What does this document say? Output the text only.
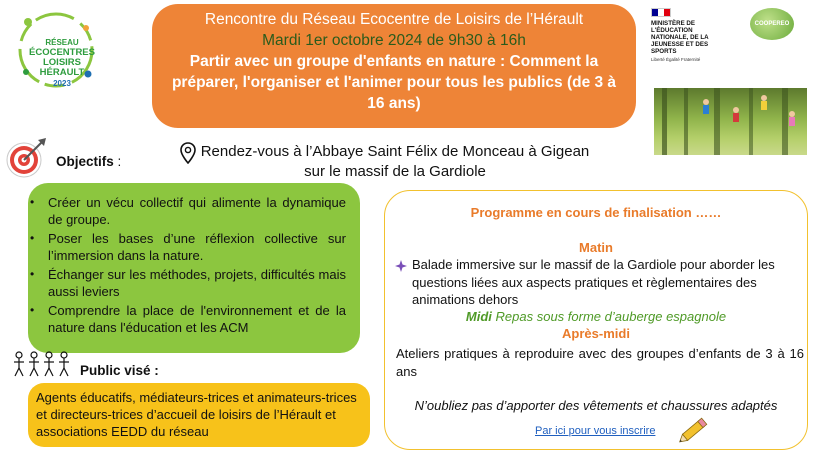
RÉSEAU
ÉCOCENTRES
LOISIRS
HÉRAULT
2023
Rencontre du Réseau Ecocentre de Loisirs de l’Hérault
Mardi 1er octobre 2024 de 9h30 à 16h
Partir avec un groupe d'enfants en nature : Comment la préparer, l'organiser et l'animer pour tous les publics (de 3 à 16 ans)
MINISTÈRE DE L'ÉDUCATION NATIONALE, DE LA JEUNESSE ET DES SPORTS
Liberté Égalité Fraternité
COOPEREO
Objectifs :
Rendez-vous à l’Abbaye Saint Félix de Monceau à Gigean
sur le massif de la Gardiole
• Créer un vécu collectif qui alimente la dynamique de groupe.
• Poser les bases d’une réflexion collective sur l’immersion dans la nature.
• Échanger sur les méthodes, projets, difficultés mais aussi leviers
• Comprendre la place de l'environnement et de la nature dans l'éducation et les ACM
Public visé :
Agents éducatifs, médiateurs-trices et animateurs-trices et directeurs-trices d’accueil de loisirs de l’Hérault et associations EEDD du réseau
Programme en cours de finalisation ……
Matin
Balade immersive sur le massif de la Gardiole pour aborder les questions liées aux aspects pratiques et règlementaires des animations dehors
Midi Repas sous forme d’auberge espagnole
Après-midi
Ateliers pratiques à reproduire avec des groupes d’enfants de 3 à 16 ans
N’oubliez pas d’apporter des vêtements et chaussures adaptés
Par ici pour vous inscrire
